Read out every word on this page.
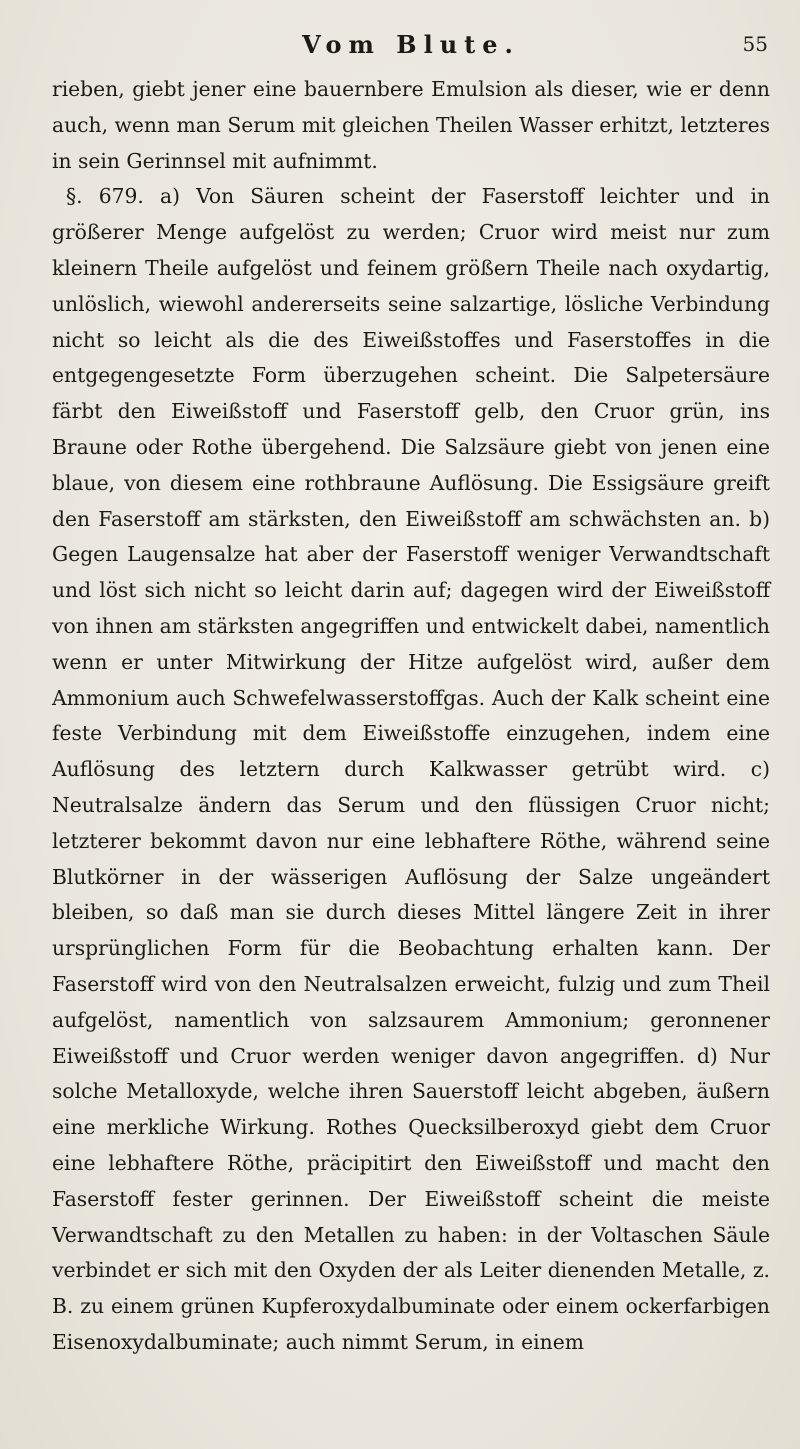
Vom Blute.	55

rieben, giebt jener eine bauernbere Emulsion als dieser, wie er denn auch, wenn man Serum mit gleichen Theilen Wasser erhitzt, letzteres in sein Gerinnsel mit aufnimmt.

§. 679. a) Von Säuren scheint der Faserstoff leichter und in größerer Menge aufgelöst zu werden; Cruor wird meist nur zum kleinern Theile aufgelöst und feinem größern Theile nach oxydartig, unlöslich, wiewohl andererseits seine salzartige, lösliche Verbindung nicht so leicht als die des Eiweißstoffes und Faserstoffes in die entgegengesetzte Form überzugehen scheint. Die Salpetersäure färbt den Eiweißstoff und Faserstoff gelb, den Cruor grün, ins Braune oder Rothe übergehend. Die Salzsäure giebt von jenen eine blaue, von diesem eine rothbraune Auflösung. Die Essigsäure greift den Faserstoff am stärksten, den Eiweißstoff am schwächsten an. b) Gegen Laugensalze hat aber der Faserstoff weniger Verwandtschaft und löst sich nicht so leicht darin auf; dagegen wird der Eiweißstoff von ihnen am stärksten angegriffen und entwickelt dabei, namentlich wenn er unter Mitwirkung der Hitze aufgelöst wird, außer dem Ammonium auch Schwefelwasserstoffgas. Auch der Kalk scheint eine feste Verbindung mit dem Eiweißstoffe einzugehen, indem eine Auflösung des letztern durch Kalkwasser getrübt wird. c) Neutralsalze ändern das Serum und den flüssigen Cruor nicht; letzterer bekommt davon nur eine lebhaftere Röthe, während seine Blutkörner in der wässerigen Auflösung der Salze ungeändert bleiben, so daß man sie durch dieses Mittel längere Zeit in ihrer ursprünglichen Form für die Beobachtung erhalten kann. Der Faserstoff wird von den Neutralsalzen erweicht, fulzig und zum Theil aufgelöst, namentlich von salzsaurem Ammonium; geronnener Eiweißstoff und Cruor werden weniger davon angegriffen. d) Nur solche Metalloxyde, welche ihren Sauerstoff leicht abgeben, äußern eine merkliche Wirkung. Rothes Quecksilberoxyd giebt dem Cruor eine lebhaftere Röthe, präcipitirt den Eiweißstoff und macht den Faserstoff fester gerinnen. Der Eiweißstoff scheint die meiste Verwandtschaft zu den Metallen zu haben: in der Voltaschen Säule verbindet er sich mit den Oxyden der als Leiter dienenden Metalle, z. B. zu einem grünen Kupferoxydalbuminate oder einem ockerfarbigen Eisenoxydalbuminate; auch nimmt Serum, in einem
